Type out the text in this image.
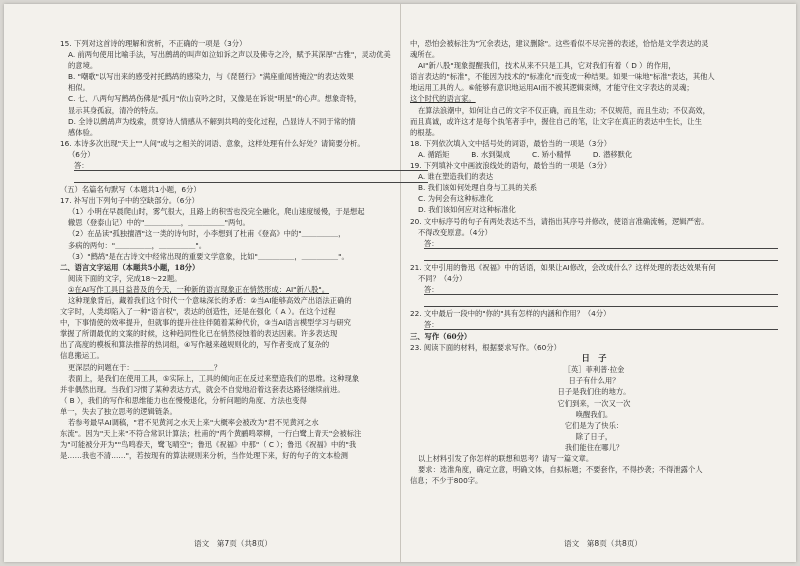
15. 下列对这首诗的理解和赏析，不正确的一项是（3分）
A. 前两句使用比喻手法，写出鹧鸪的叫声如泣如诉之声以及佛寺之冷，赋予其深厚"古雅"，灵动优美
的意境。
B. "嘲歌"以写出来的感受衬托鹧鸪的感染力，与《琵琶行》"满座重闻皆掩泣"的表达效果
相似。
C. 七、八两句写鹧鸪伤佛是"孤月"依山哀吟之时，又像是在诉说"明星"的心声。想象奇特，
显示其身孤寂，清冷的特点。
D. 全诗以鹧鸪声为线索，贯穿诗人情感从不解到共鸣的变化过程，凸显诗人不同于常的情
感体验。
16. 本诗多次出现"天上""人间"或与之相关的词语、意象，这样处理有什么好处？请简要分析。
（6分）
答：
（五）名篇名句默写（本题共1小题，6分）
17. 补写出下列句子中的空缺部分。（6分）
（1）小明在早晨爬山时，雾气很大，且路上的积雪也没完全融化，爬山速度缓慢，于是想起
辙思（登泰山记）中的"＿＿＿＿＿，＿＿＿＿＿"两句。
（2）在品读"孤独擅酒"这一类的诗句时，小李想到了杜甫《登高》中的"＿＿＿＿＿，
多病的两句："＿＿＿＿＿，＿＿＿＿＿"。
（3）"鹧鸪"是在古诗文中经常出现的重要文学意象，比如"＿＿＿＿＿，＿＿＿＿＿"。
二、语言文字运用（本题共5小题，18分）
阅读下面的文字，完成18～22题。
①在AI写作工具日益普及的今天，一种新的语言现象正在悄然形成：AI"新八股"。
这种现象背后，藏着我们这个时代一个意味深长的矛盾：②当AI能够高效产出语法正确的
文字时，人类却陷入了一种"语言权"，表达的创造性，还是在强化（ A ）。在这个过程
中，下事情使的效率提升，但就事的提升往往伴随着某种代价，③当AI语言模型学习与研究
掌握了所谓最优的文案的时候，这种趋同性化已在悄然侵蚀着的表达因素。许多表达现
出了高度的模板和算法推荐的热词组，④写作越来越规则化的，写作者变成了复杂的
信息搬运工。
更深层的问题在于：＿＿＿＿＿＿＿＿＿＿＿？
表面上，是我们在使用工具，⑤实际上，工具的倾向正在反过来塑造我们的思维。这种现象
并非偶然出现。当我们习惯了某种表达方式，就会不自觉地沿着这套表达路径继续前进。
（ B ），我们的写作和思维能力也在慢慢退化，分析问题的角度、方法也变得
单一，失去了独立思考的逻辑链条。
若参考最早AI调稿，"君不见黄河之水天上来"大概率会被改为"君不见黄河之水
东流"。因为"天上来"不符合常识计算法；杜甫的"两个黄鹂鸣翠柳，一行白鹭上青天"会被标注
为"可能被分开为""鸟鸣春天，鹭飞晴空"；鲁迅《祝福》中那"（ C ）；鲁迅《祝福》中的"我
是……我也不清……"，若按现有的算法规则来分析，当作处理下来，好的句子的文本检测
中，恐怕会被标注为"冗余表达，建议删除"。这些看似不尽完善的表述，恰恰是文学表达的灵
魂所在。
AI"新八股"现象提醒我们，技术从来不只是工具，它对我们有着（ D ）的作用，
语言表达的"标准"，不能因为技术的"标准化"而变成一种结果。如果一味地"标准"表达，其他人
地运用工具的人。⑥能够有意识地运用AI而不被其逻辑束缚，才能守住文字表达的灵魂；
这个时代的语言家。
在算法浪潮中，如何让自己的文字不仅正确，而且生动；不仅规范，而且生动；不仅高效，
而且真诚，或许这才是每个执笔者手中，握住自己的笔，让文字在真正的表达中生长，让生
的根基。
18. 下列依次填入文中括号处的词语，最恰当的一项是（3分）
A. 循蹈矩　　　B. 水到渠成　　　C. 矫小精悍　　　D. 潜移默化
19. 下列填补文中画波浪线处的语句，最恰当的一项是（3分）
A. 谁在塑造我们的表达
B. 我们该如何处理自身与工具的关系
C. 为何会有这种标准化
D. 我们该如何应对这种标准化
20. 文中标序号的句子有两处表达不当，请指出其序号并修改，使语言准确流畅，逻辑严密。
不得改变原意。（4分）
答：
21. 文中引用的鲁迅《祝福》中的话语，如果让AI修改，会改成什么？这样处理的表达效果有何
不同？（4分）
答：
22. 文中最后一段中的"你的"具有怎样的内涵和作用？（4分）
答：
三、写作（60分）
23. 阅读下面的材料，根据要求写作。（60分）
日　子
［英］菲利普·拉金
日子有什么用？
日子是我们住的地方。
它们到来，一次又一次
唤醒我们。
它们是为了快乐：
除了日子，
我们能住在哪儿？
以上材料引发了你怎样的联想和思考？请写一篇文章。
要求：选准角度，确定立意，明确文体，自拟标题；不要套作，不得抄袭；不得泄露个人
信息；不少于800字。
语文　第7页（共8页）	语文　第8页（共8页）
